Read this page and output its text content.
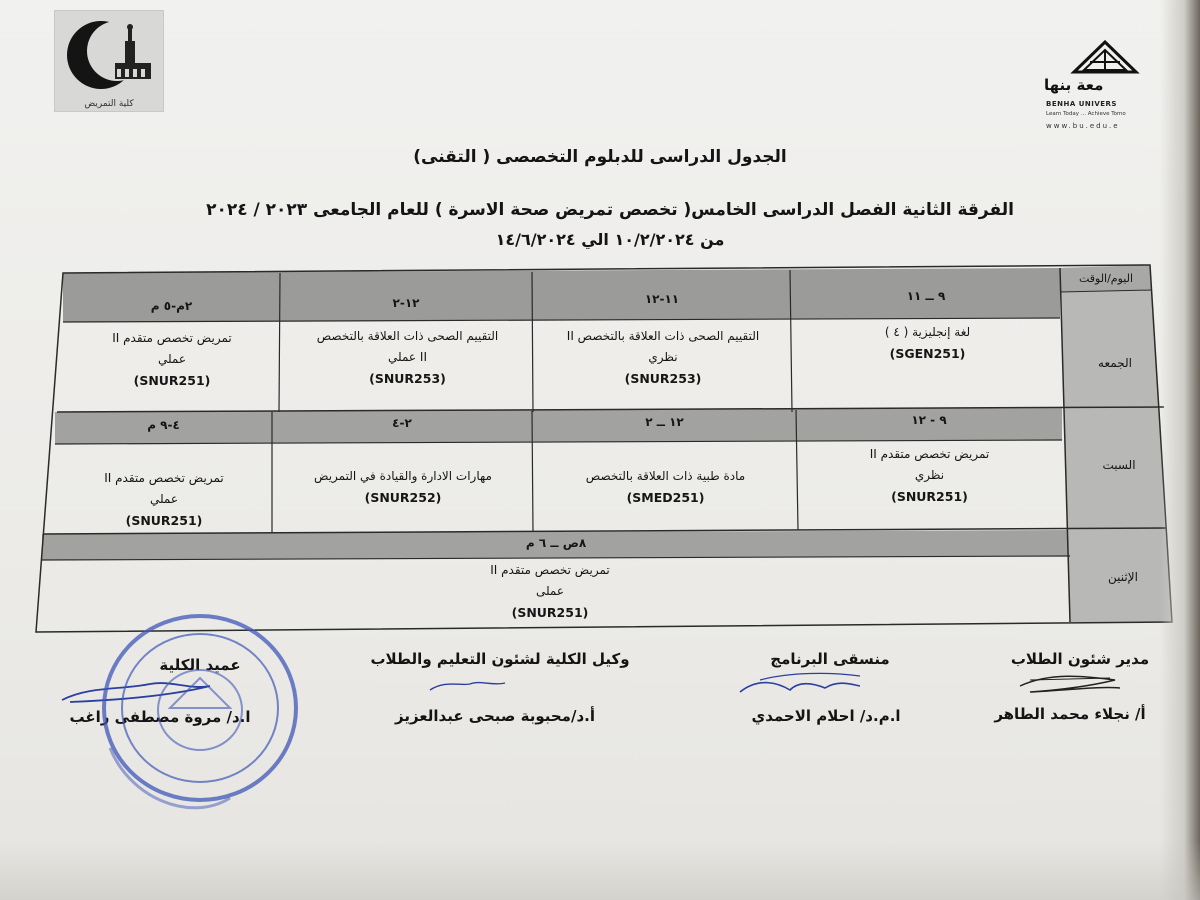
كلية التمريض
معة بنها
BENHA UNIVERS
Learn Today ... Achieve Tomo
www.bu.edu.e
الجدول الدراسى للدبلوم التخصصى ( التقنى)
الفرقة الثانية الفصل الدراسى الخامس( تخصص تمريض صحة الاسرة ) للعام الجامعى ٢٠٢٣ / ٢٠٢٤
من ١٠/٢/٢٠٢٤ الي ١٤/٦/٢٠٢٤
اليوم/الوقت
الجمعه
٩ ــ ١١
١١-١٢
١٢-٢
٢م-٥ م
لغة إنجليزية ( ٤ )

(SGEN251)
التقييم الصحى ذات العلاقة بالتخصص II
نظري
(SNUR253)
التقييم الصحى ذات العلاقة بالتخصص
II عملي
(SNUR253)
تمريض تخصص متقدم II
عملي
(SNUR251)
السبت
٩ - ١٢
١٢ ــ ٢
٢-٤
٤-٩ م
تمريض تخصص متقدم II
نظري
(SNUR251)
مادة طبية ذات العلاقة بالتخصص

(SMED251)
مهارات الادارة والقيادة في التمريض

(SNUR252)
تمريض تخصص متقدم II
عملي
(SNUR251)
الإثنين
٨ص ــ ٦ م
تمريض تخصص متقدم II
عملى
(SNUR251)
مدير شئون الطلاب
أ/ نجلاء محمد الطاهر
منسقى البرنامج
ا.م.د/ احلام الاحمدي
وكيل الكلية لشئون التعليم والطلاب
أ.د/محبوبة صبحى عبدالعزيز
عميد الكلية
ا.د/ مروة مصطفى راغب
